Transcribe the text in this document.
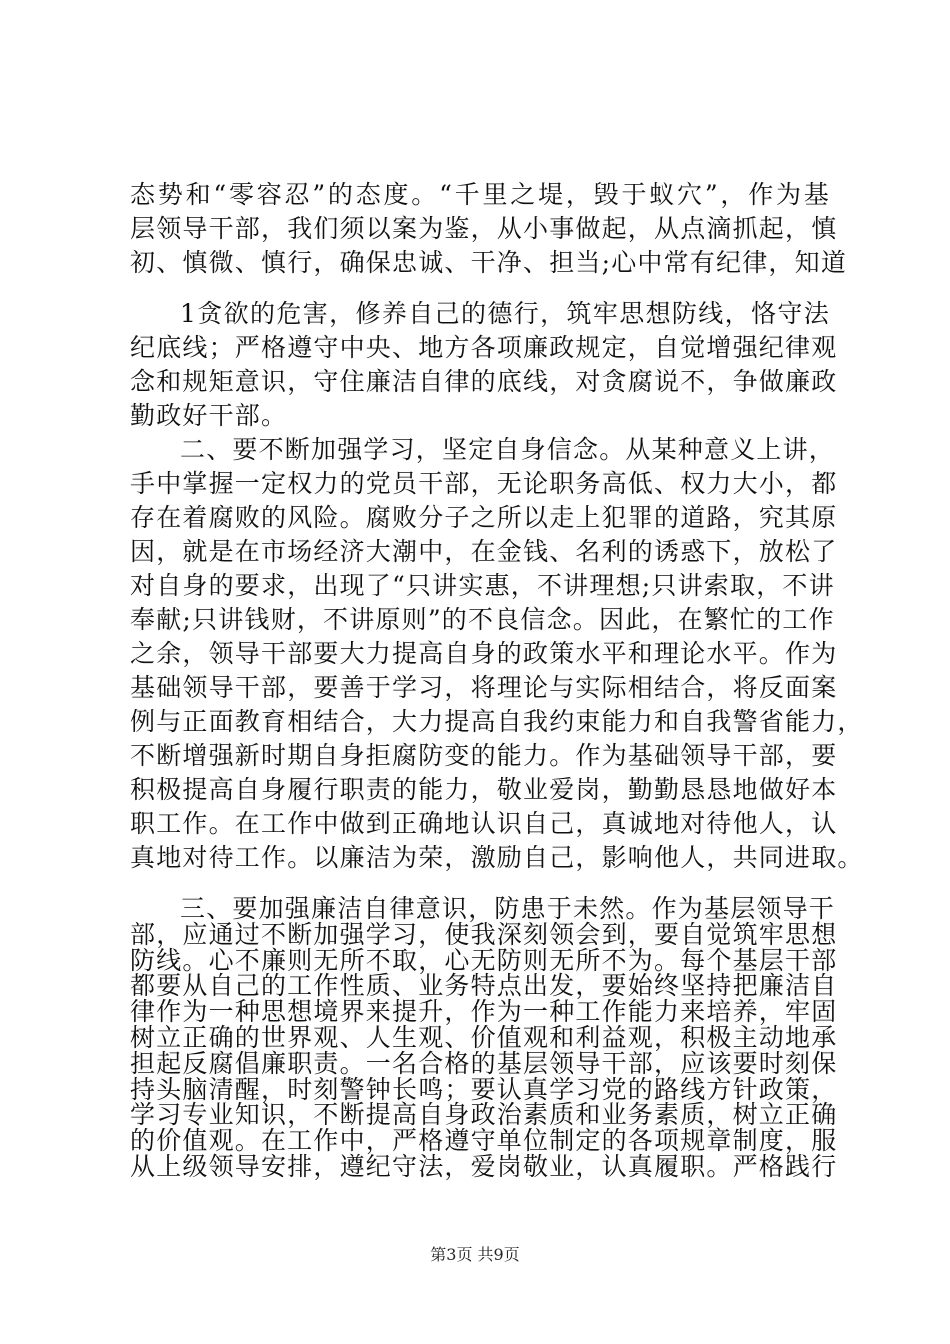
态势和“零容忍”的态度。“千里之堤，毁于蚁穴”，作为基
层领导干部，我们须以案为鉴，从小事做起，从点滴抓起，慎
初、慎微、慎行，确保忠诚、干净、担当;心中常有纪律，知道
1贪欲的危害，修养自己的德行，筑牢思想防线，恪守法
纪底线；严格遵守中央、地方各项廉政规定，自觉增强纪律观
念和规矩意识，守住廉洁自律的底线，对贪腐说不，争做廉政
勤政好干部。
二、要不断加强学习，坚定自身信念。从某种意义上讲，
手中掌握一定权力的党员干部，无论职务高低、权力大小，都
存在着腐败的风险。腐败分子之所以走上犯罪的道路，究其原
因，就是在市场经济大潮中，在金钱、名利的诱惑下，放松了
对自身的要求，出现了“只讲实惠，不讲理想;只讲索取，不讲
奉献;只讲钱财，不讲原则”的不良信念。因此，在繁忙的工作
之余，领导干部要大力提高自身的政策水平和理论水平。作为
基础领导干部，要善于学习，将理论与实际相结合，将反面案
例与正面教育相结合，大力提高自我约束能力和自我警省能力，
不断增强新时期自身拒腐防变的能力。作为基础领导干部，要
积极提高自身履行职责的能力，敬业爱岗，勤勤恳恳地做好本
职工作。在工作中做到正确地认识自己，真诚地对待他人，认
真地对待工作。以廉洁为荣，激励自己，影响他人，共同进取。
三、要加强廉洁自律意识，防患于未然。作为基层领导干
部，应通过不断加强学习，使我深刻领会到，要自觉筑牢思想
防线。心不廉则无所不取，心无防则无所不为。每个基层干部
都要从自己的工作性质、业务特点出发，要始终坚持把廉洁自
律作为一种思想境界来提升，作为一种工作能力来培养，牢固
树立正确的世界观、人生观、价值观和利益观，积极主动地承
担起反腐倡廉职责。一名合格的基层领导干部，应该要时刻保
持头脑清醒，时刻警钟长鸣；要认真学习党的路线方针政策，
学习专业知识，不断提高自身政治素质和业务素质，树立正确
的价值观。在工作中，严格遵守单位制定的各项规章制度，服
从上级领导安排，遵纪守法，爱岗敬业，认真履职。严格践行
第3页 共9页
